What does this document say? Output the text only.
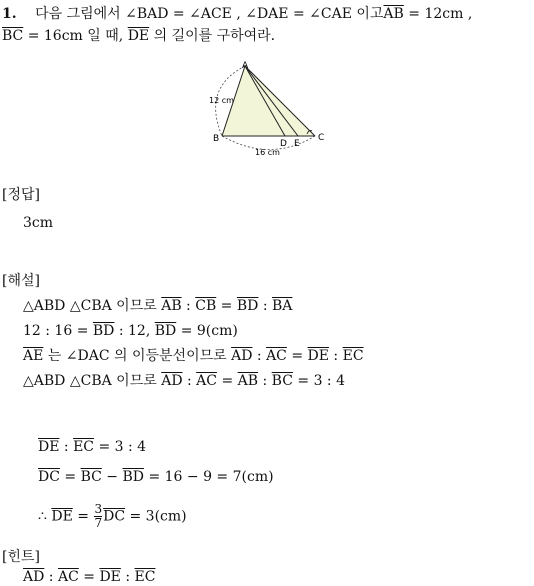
1. 다음 그림에서 ∠BAD = ∠ACE , ∠DAE = ∠CAE 이고$\overline{AB} = 12cm$ ,
$\overline{BC} = 16cm$ 일 때, $\overline{DE}$ 의 길이를 구하여라.
A
B	C
D E
12 cm
16 cm
[정답]
3cm
[해설]
△ABD △CBA 이므로 $\overline{AB}$ : $\overline{CB} = \overline{BD}$ : $\overline{BA}$
12 : $16 = \overline{BD}$ : 12, $\overline{BD} = 9(cm)$
$\overline{AE}$ 는 ∠DAC 의 이등분선이므로 $\overline{AD}$ : $\overline{AC} = \overline{DE}$ : $\overline{EC}$
△ABD △CBA 이므로 $\overline{AD}$ : $\overline{AC} = \overline{AB}$ : $\overline{BC} = 3$ : 4
$\overline{DE}$ : $\overline{EC} = 3$ : 4
$\overline{DC} = \overline{BC} - \overline{BD} = 16 - 9 = 7(cm)$
∴ $\overline{DE} = \frac{3}{7} \overline{DC} = 3(cm)$
[힌트]
$\overline{AD}$ : $\overline{AC} = \overline{DE}$ : $\overline{EC}$
